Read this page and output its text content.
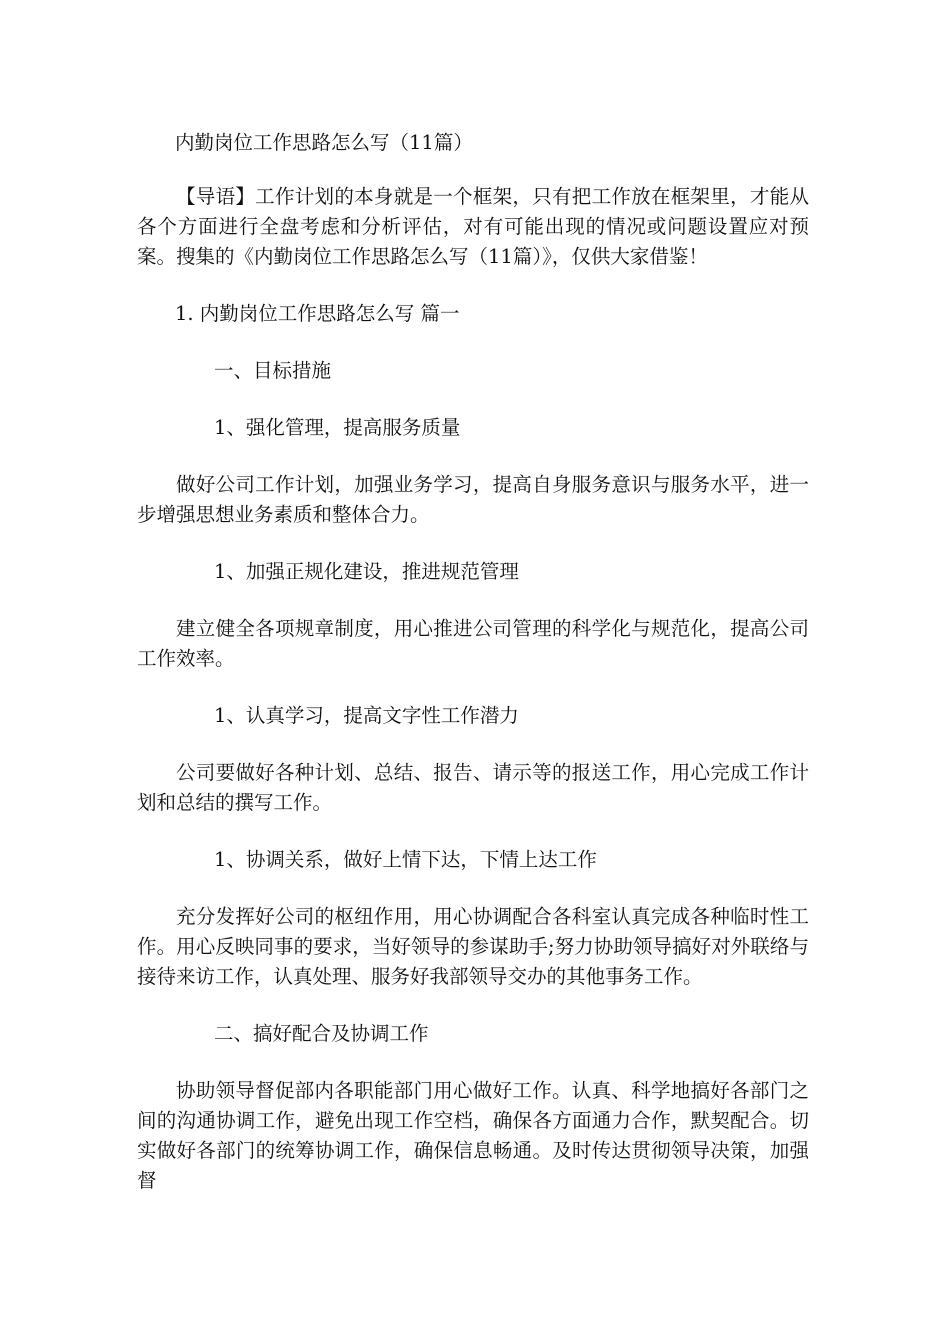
内勤岗位工作思路怎么写（11篇）

【导语】工作计划的本身就是一个框架，只有把工作放在框架里，才能从各个方面进行全盘考虑和分析评估，对有可能出现的情况或问题设置应对预案。搜集的《内勤岗位工作思路怎么写（11篇）》，仅供大家借鉴！

1. 内勤岗位工作思路怎么写 篇一

一、目标措施

1、强化管理，提高服务质量

做好公司工作计划，加强业务学习，提高自身服务意识与服务水平，进一步增强思想业务素质和整体合力。

1、加强正规化建设，推进规范管理

建立健全各项规章制度，用心推进公司管理的科学化与规范化，提高公司工作效率。

1、认真学习，提高文字性工作潜力

公司要做好各种计划、总结、报告、请示等的报送工作，用心完成工作计划和总结的撰写工作。

1、协调关系，做好上情下达，下情上达工作

充分发挥好公司的枢纽作用，用心协调配合各科室认真完成各种临时性工作。用心反映同事的要求，当好领导的参谋助手;努力协助领导搞好对外联络与接待来访工作，认真处理、服务好我部领导交办的其他事务工作。

二、搞好配合及协调工作

协助领导督促部内各职能部门用心做好工作。认真、科学地搞好各部门之间的沟通协调工作，避免出现工作空档，确保各方面通力合作，默契配合。切实做好各部门的统筹协调工作，确保信息畅通。及时传达贯彻领导决策，加强督
